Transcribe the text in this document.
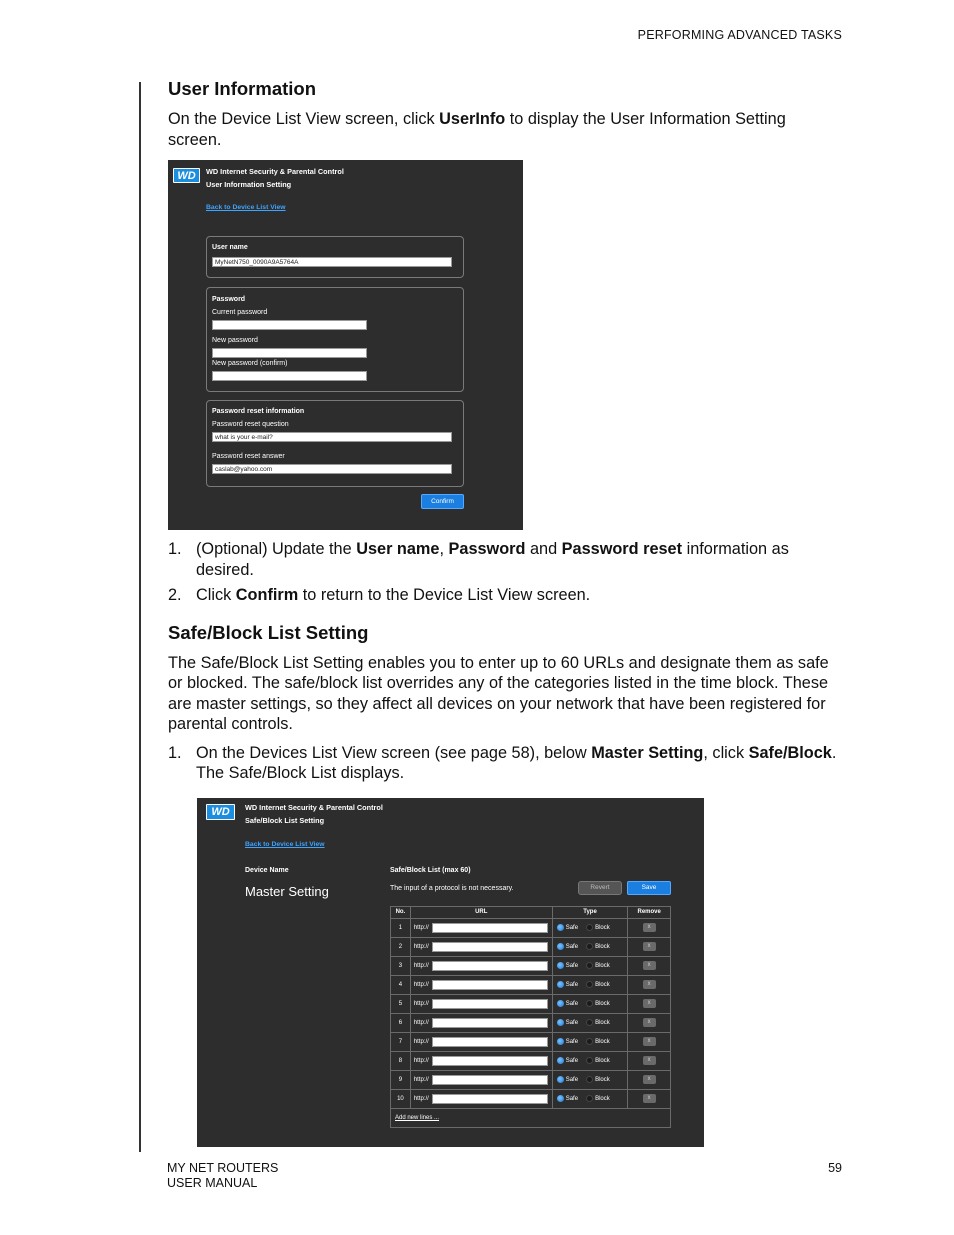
PERFORMING ADVANCED TASKS
User Information

On the Device List View screen, click UserInfo to display the User Information Setting screen.

WD	WD Internet Security & Parental Control
User Information Setting
Back to Device List View
User name
MyNetN750_0090A9A5764A
Password
Current password
New password
New password (confirm)
Password reset information
Password reset question
what is your e-mail?
Password reset answer
caslab@yahoo.com
Confirm
1. (Optional) Update the User name, Password and Password reset information as desired.
2. Click Confirm to return to the Device List View screen.
Safe/Block List Setting

The Safe/Block List Setting enables you to enter up to 60 URLs and designate them as safe or blocked. The safe/block list overrides any of the categories listed in the time block. These are master settings, so they affect all devices on your network that have been registered for parental controls.

1. On the Devices List View screen (see page 58), below Master Setting, click Safe/Block. The Safe/Block List displays.
WD	WD Internet Security & Parental Control
Safe/Block List Setting
Back to Device List View
Device Name
Master Setting
Safe/Block List (max 60)
The input of a protocol is not necessary.	Revert	Save
No.	URL	Type	Remove
1	http://	Safe Block	x
2	http://	Safe Block	x
3	http://	Safe Block	x
4	http://	Safe Block	x
5	http://	Safe Block	x
6	http://	Safe Block	x
7	http://	Safe Block	x
8	http://	Safe Block	x
9	http://	Safe Block	x
10	http://	Safe Block	x
Add new lines ...			
MY NET ROUTERS
USER MANUAL
59
